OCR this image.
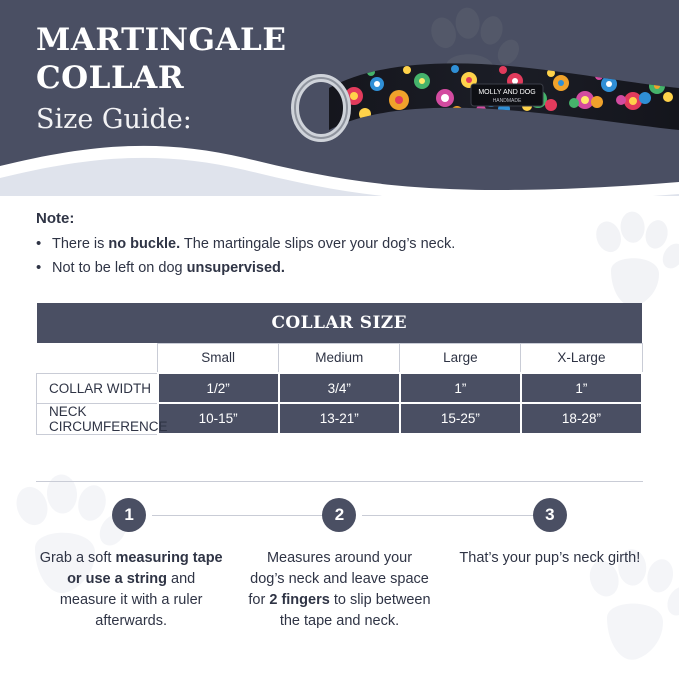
MOLLY AND DOG
HANDMADE
MARTINGALE
COLLAR
Size Guide:
Note:
• There is no buckle. The martingale slips over your dog’s neck.
• Not to be left on dog unsupervised.
COLLAR SIZE				
	Small	Medium	Large	X-Large
COLLAR WIDTH	1/2”	3/4”	1”	1”
NECK CIRCUMFERENCE	10-15”	13-21”	15-25”	18-28”
1
Grab a soft measuring tape or use a string and measure it with a ruler afterwards.
2
Measures around your dog’s neck and leave space for 2 fingers to slip between the tape and neck.
3
That’s your pup’s neck girth!
